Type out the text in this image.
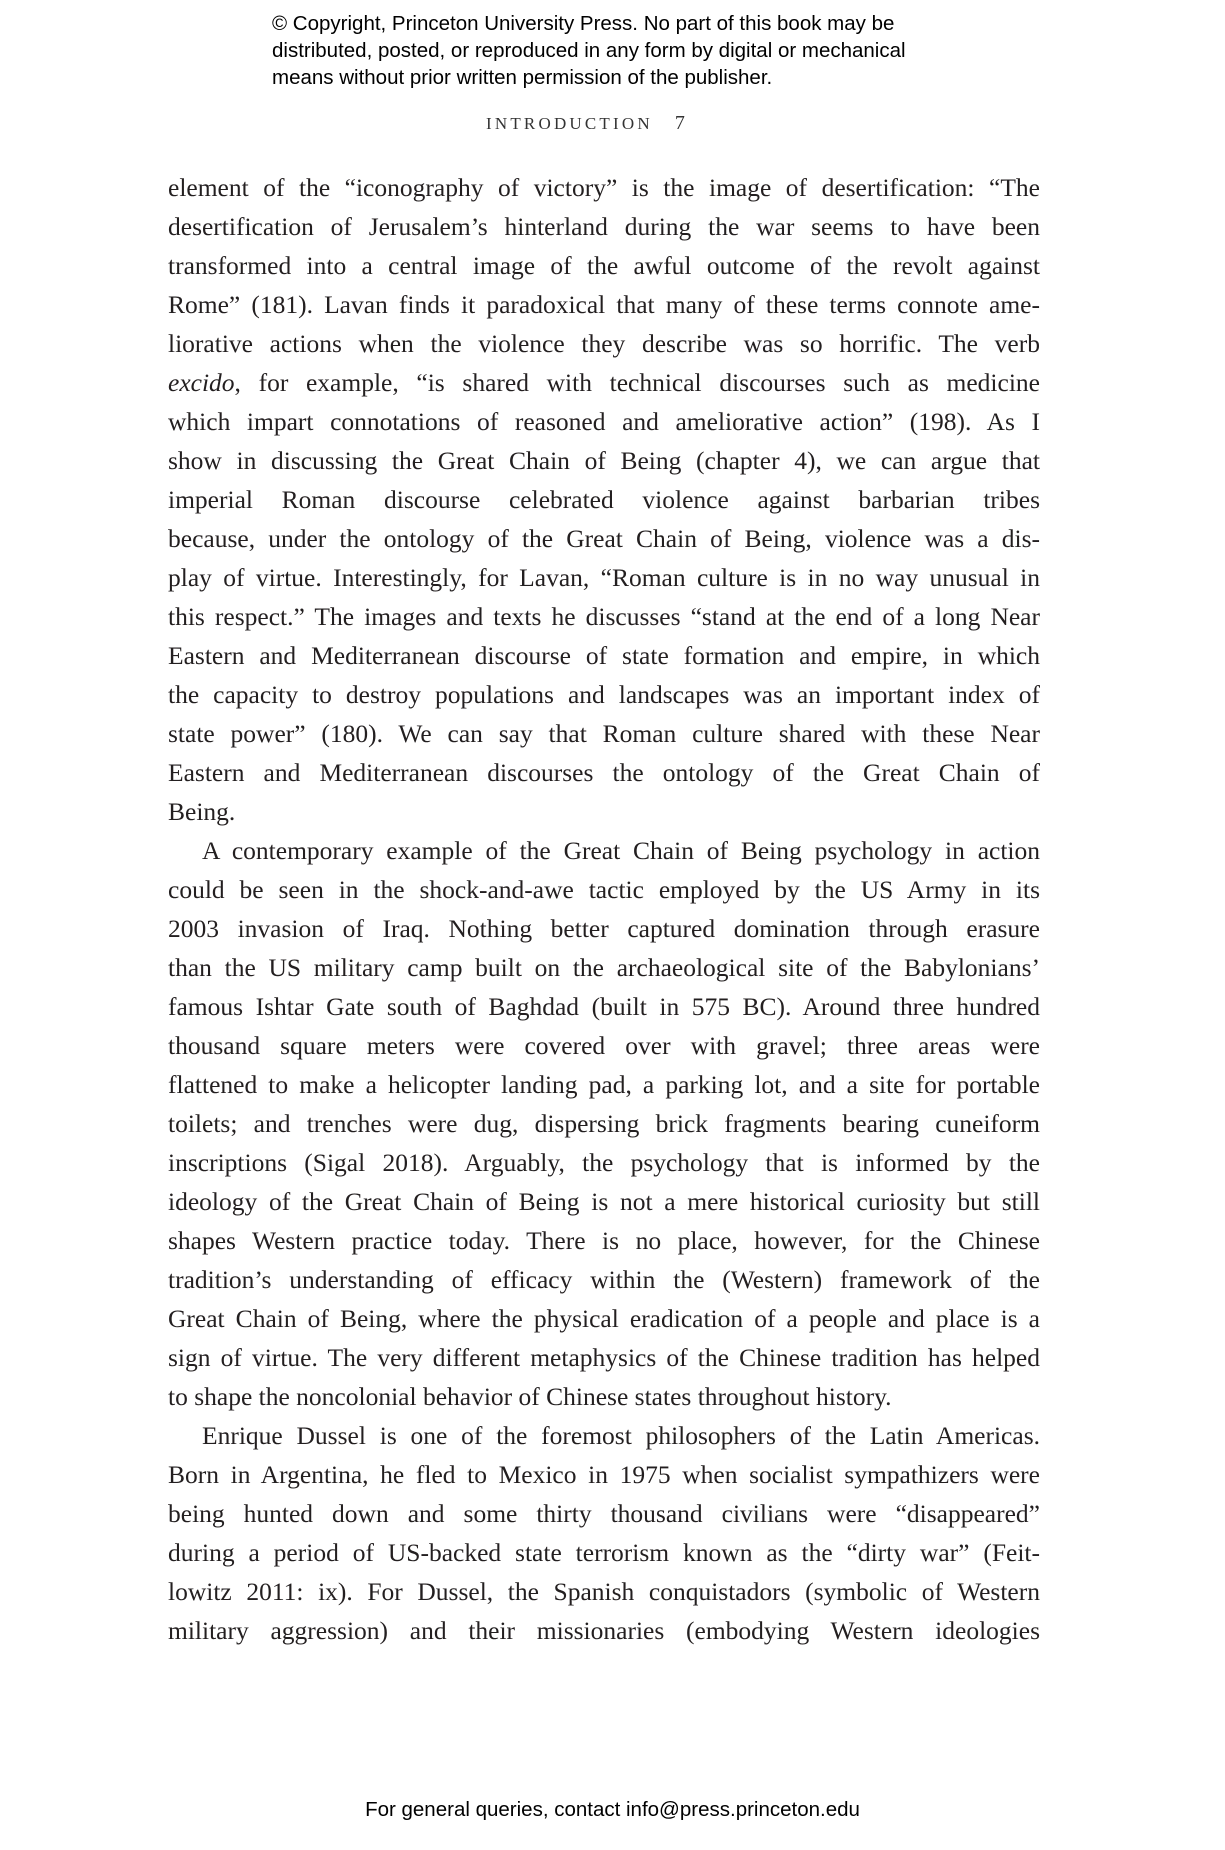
© Copyright, Princeton University Press. No part of this book may be
distributed, posted, or reproduced in any form by digital or mechanical
means without prior written permission of the publisher.
INTRODUCTION 7
element of the “iconography of victory” is the image of desertification: “The
desertification of Jerusalem’s hinterland during the war seems to have been
transformed into a central image of the awful outcome of the revolt against
Rome” (181). Lavan finds it paradoxical that many of these terms connote ame-
liorative actions when the violence they describe was so horrific. The verb
excido, for example, “is shared with technical discourses such as medicine
which impart connotations of reasoned and ameliorative action” (198). As I
show in discussing the Great Chain of Being (chapter 4), we can argue that
imperial Roman discourse celebrated violence against barbarian tribes
because, under the ontology of the Great Chain of Being, violence was a dis-
play of virtue. Interestingly, for Lavan, “Roman culture is in no way unusual in
this respect.” The images and texts he discusses “stand at the end of a long Near
Eastern and Mediterranean discourse of state formation and empire, in which
the capacity to destroy populations and landscapes was an important index of
state power” (180). We can say that Roman culture shared with these Near
Eastern and Mediterranean discourses the ontology of the Great Chain of
Being.
A contemporary example of the Great Chain of Being psychology in action
could be seen in the shock-and-awe tactic employed by the US Army in its
2003 invasion of Iraq. Nothing better captured domination through erasure
than the US military camp built on the archaeological site of the Babylonians’
famous Ishtar Gate south of Baghdad (built in 575 BC). Around three hundred
thousand square meters were covered over with gravel; three areas were
flattened to make a helicopter landing pad, a parking lot, and a site for portable
toilets; and trenches were dug, dispersing brick fragments bearing cuneiform
inscriptions (Sigal 2018). Arguably, the psychology that is informed by the
ideology of the Great Chain of Being is not a mere historical curiosity but still
shapes Western practice today. There is no place, however, for the Chinese
tradition’s understanding of efficacy within the (Western) framework of the
Great Chain of Being, where the physical eradication of a people and place is a
sign of virtue. The very different metaphysics of the Chinese tradition has helped
to shape the noncolonial behavior of Chinese states throughout history.
Enrique Dussel is one of the foremost philosophers of the Latin Americas.
Born in Argentina, he fled to Mexico in 1975 when socialist sympathizers were
being hunted down and some thirty thousand civilians were “disappeared”
during a period of US-backed state terrorism known as the “dirty war” (Feit-
lowitz 2011: ix). For Dussel, the Spanish conquistadors (symbolic of Western
military aggression) and their missionaries (embodying Western ideologies
For general queries, contact info@press.princeton.edu
